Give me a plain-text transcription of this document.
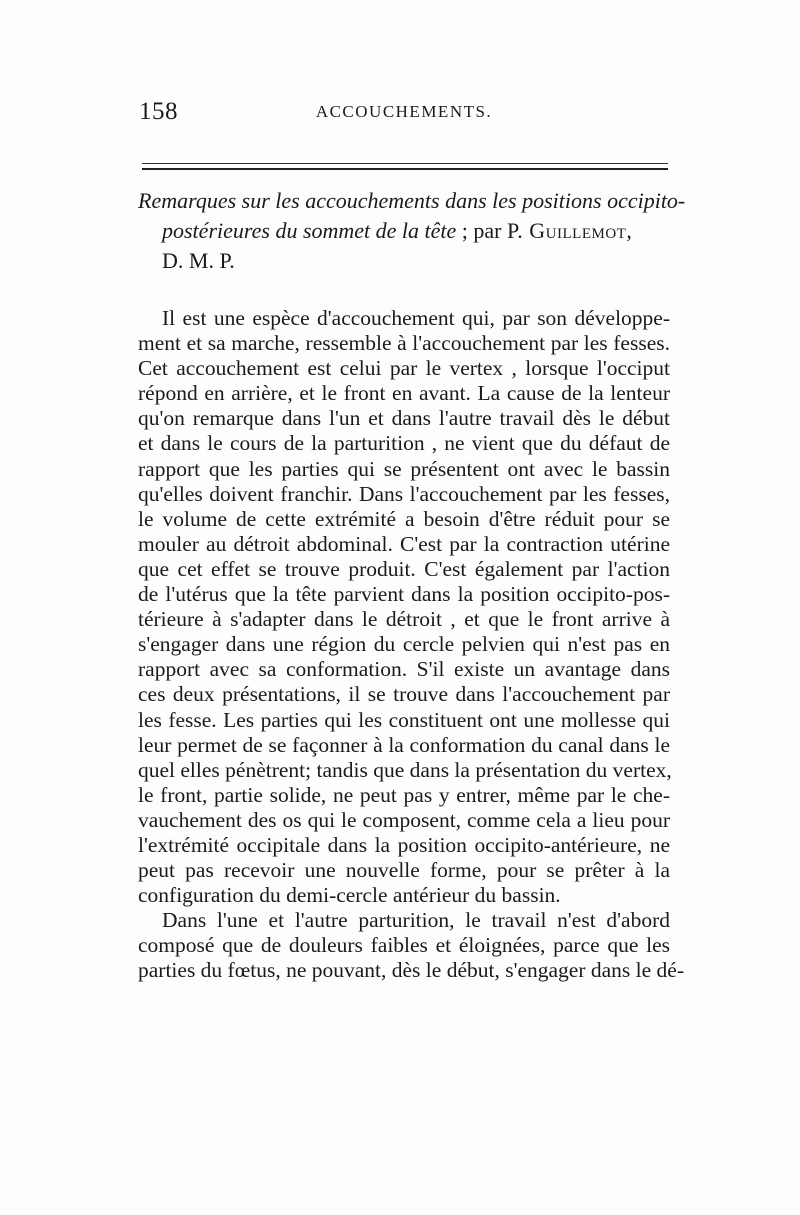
158	ACCOUCHEMENTS.

Remarques sur les accouchements dans les positions occipito-

postérieures du sommet de la tête ; par P. Guillemot,

D. M. P.

Il est une espèce d'accouchement qui, par son développe-
ment et sa marche, ressemble à l'accouchement par les fesses.
Cet accouchement est celui par le vertex , lorsque l'occiput
répond en arrière, et le front en avant. La cause de la lenteur
qu'on remarque dans l'un et dans l'autre travail dès le début
et dans le cours de la parturition , ne vient que du défaut de
rapport que les parties qui se présentent ont avec le bassin
qu'elles doivent franchir. Dans l'accouchement par les fesses,
le volume de cette extrémité a besoin d'être réduit pour se
mouler au détroit abdominal. C'est par la contraction utérine
que cet effet se trouve produit. C'est également par l'action
de l'utérus que la tête parvient dans la position occipito-pos-
térieure à s'adapter dans le détroit , et que le front arrive à
s'engager dans une région du cercle pelvien qui n'est pas en
rapport avec sa conformation. S'il existe un avantage dans
ces deux présentations, il se trouve dans l'accouchement par
les fesse. Les parties qui les constituent ont une mollesse qui
leur permet de se façonner à la conformation du canal dans le
quel elles pénètrent; tandis que dans la présentation du vertex,
le front, partie solide, ne peut pas y entrer, même par le che-
vauchement des os qui le composent, comme cela a lieu pour
l'extrémité occipitale dans la position occipito-antérieure, ne
peut pas recevoir une nouvelle forme, pour se prêter à la
configuration du demi-cercle antérieur du bassin.
Dans l'une et l'autre parturition, le travail n'est d'abord
composé que de douleurs faibles et éloignées, parce que les
parties du fœtus, ne pouvant, dès le début, s'engager dans le dé-
